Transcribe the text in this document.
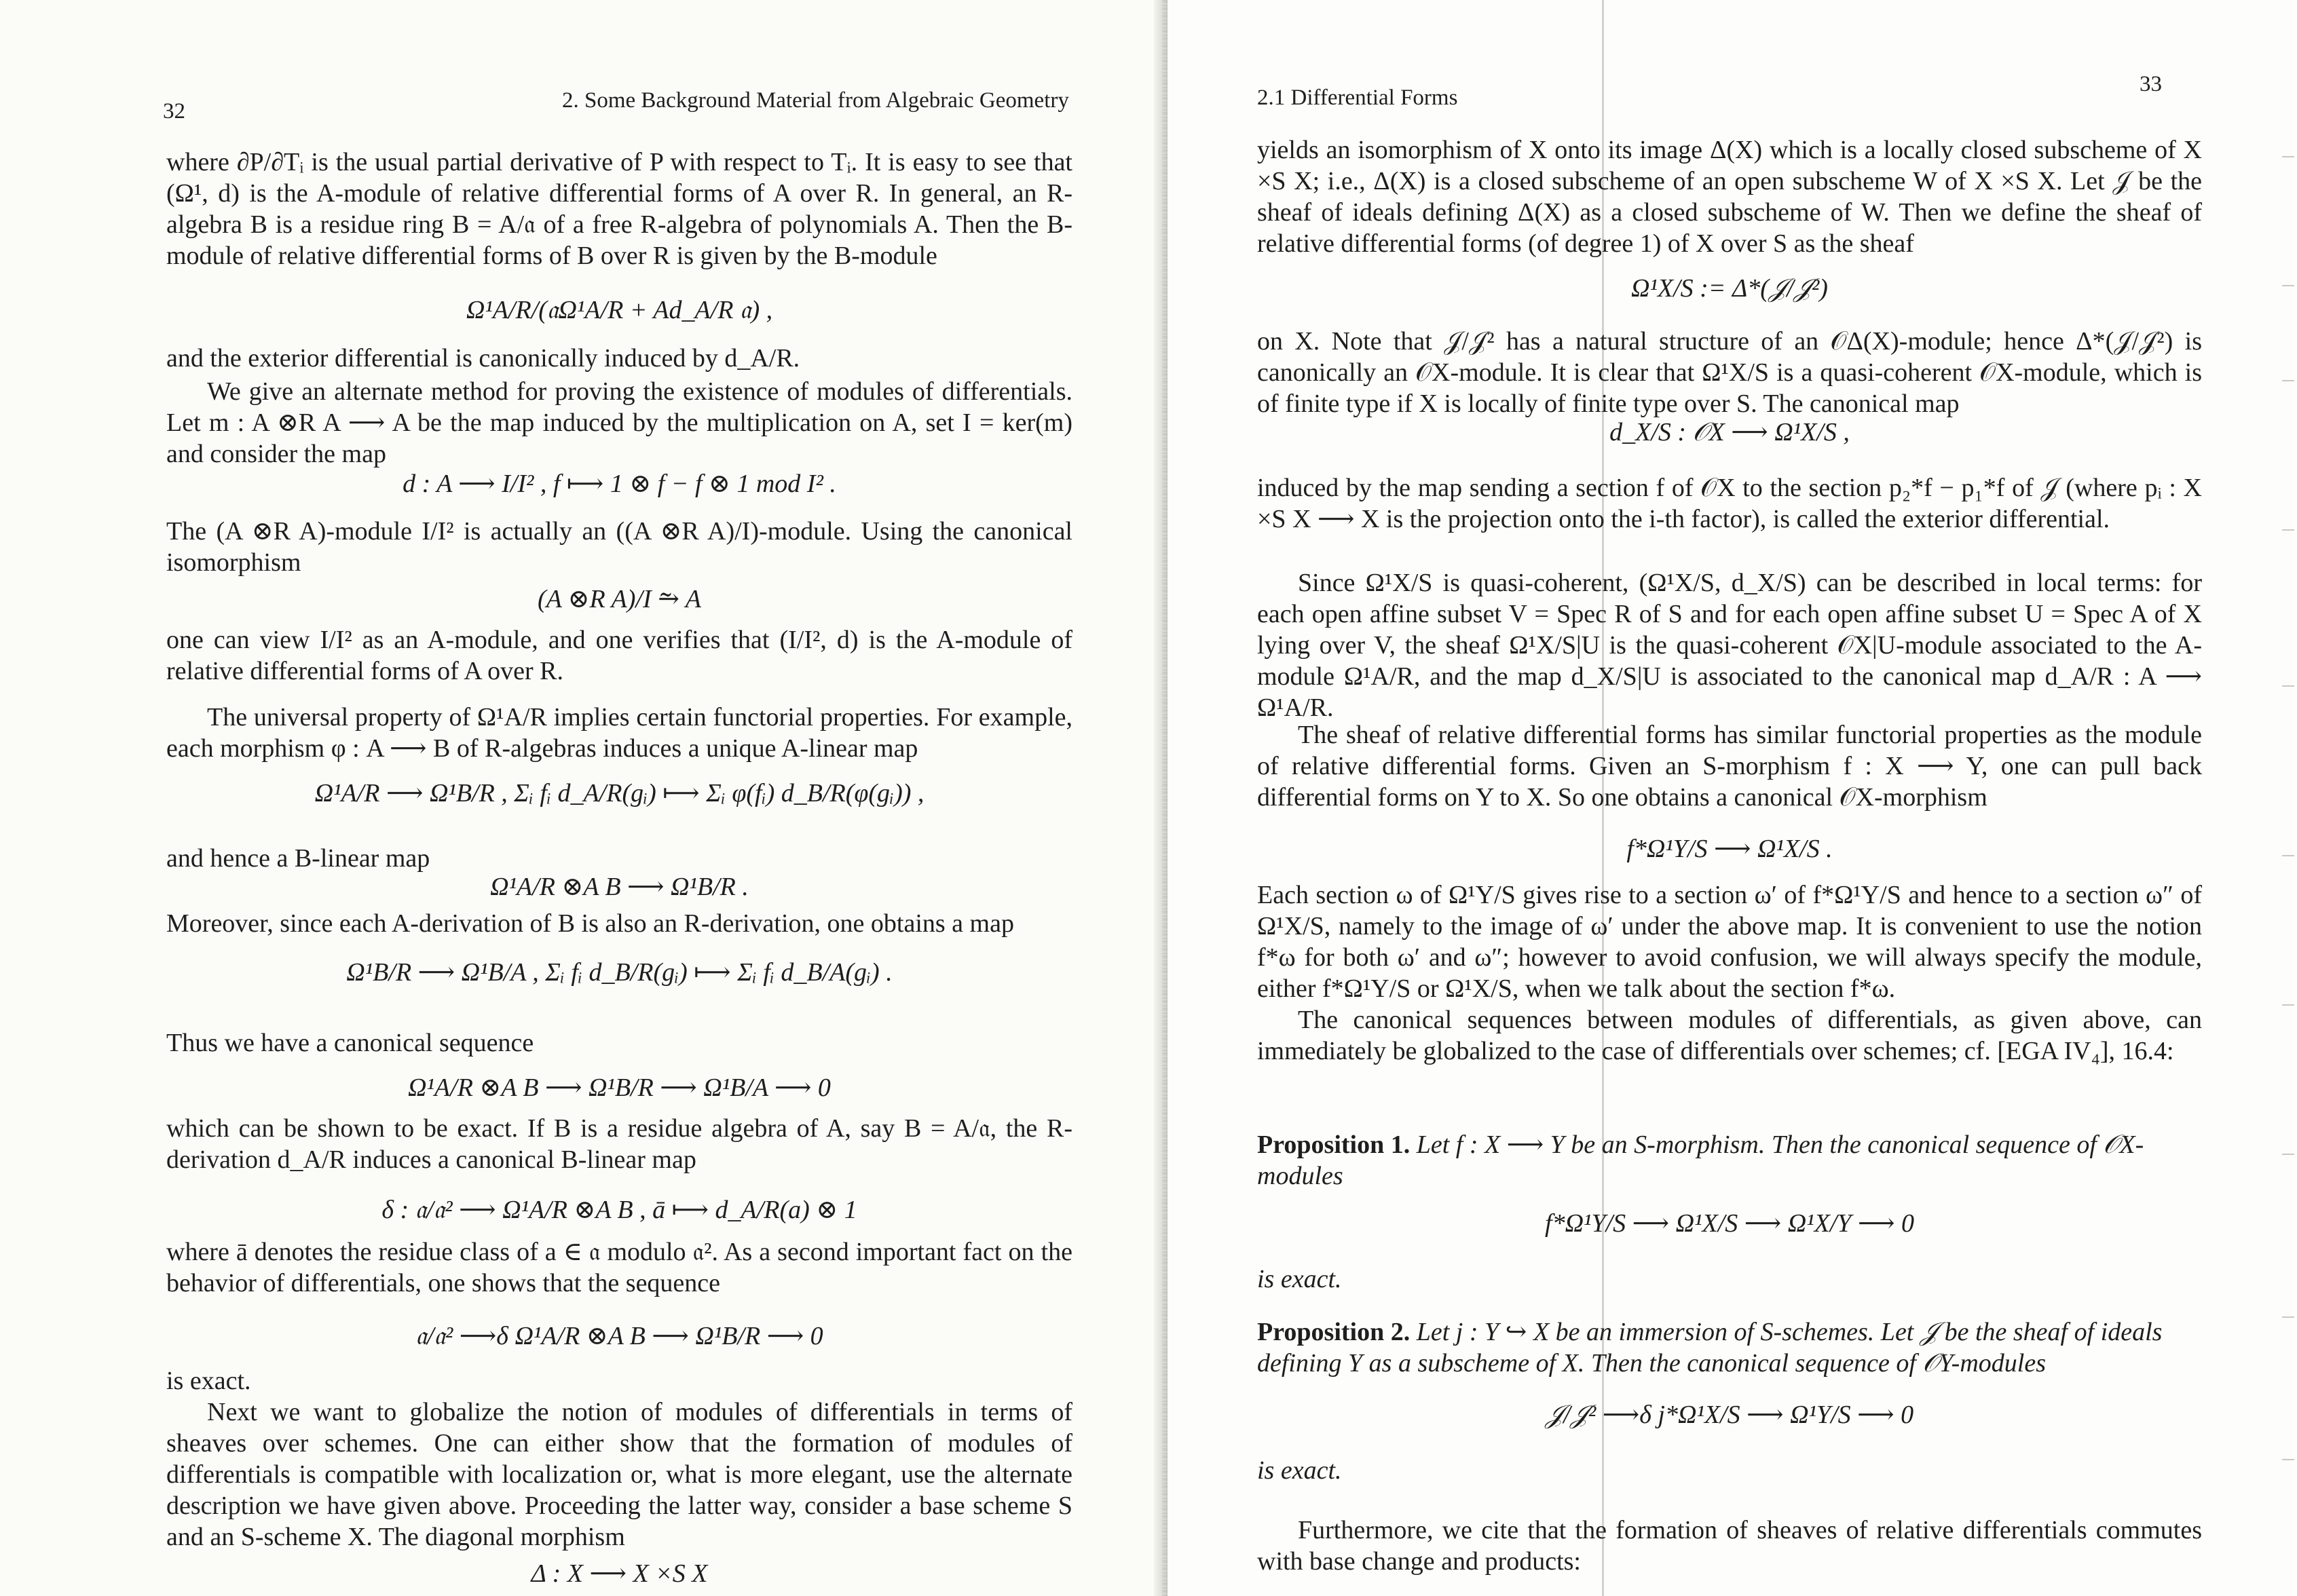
32	2. Some Background Material from Algebraic Geometry
where ∂P/∂Tᵢ is the usual partial derivative of P with respect to Tᵢ. It is easy to see that (Ω¹, d) is the A-module of relative differential forms of A over R. In general, an R-algebra B is a residue ring B = A/𝔞 of a free R-algebra of polynomials A. Then the B-module of relative differential forms of B over R is given by the B-module
Ω¹A/R/(𝔞Ω¹A/R + Ad_A/R 𝔞) ,
and the exterior differential is canonically induced by d_A/R.
We give an alternate method for proving the existence of modules of differentials. Let m : A ⊗R A ⟶ A be the map induced by the multiplication on A, set I = ker(m) and consider the map
d : A ⟶ I/I² , f ⟼ 1 ⊗ f − f ⊗ 1 mod I² .
The (A ⊗R A)-module I/I² is actually an ((A ⊗R A)/I)-module. Using the canonical isomorphism
(A ⊗R A)/I ⥲ A
one can view I/I² as an A-module, and one verifies that (I/I², d) is the A-module of relative differential forms of A over R.
The universal property of Ω¹A/R implies certain functorial properties. For example, each morphism φ : A ⟶ B of R-algebras induces a unique A-linear map
Ω¹A/R ⟶ Ω¹B/R , Σᵢ fᵢ d_A/R(gᵢ) ⟼ Σᵢ φ(fᵢ) d_B/R(φ(gᵢ)) ,
and hence a B-linear map
Ω¹A/R ⊗A B ⟶ Ω¹B/R .
Moreover, since each A-derivation of B is also an R-derivation, one obtains a map
Ω¹B/R ⟶ Ω¹B/A , Σᵢ fᵢ d_B/R(gᵢ) ⟼ Σᵢ fᵢ d_B/A(gᵢ) .
Thus we have a canonical sequence
Ω¹A/R ⊗A B ⟶ Ω¹B/R ⟶ Ω¹B/A ⟶ 0
which can be shown to be exact. If B is a residue algebra of A, say B = A/𝔞, the R-derivation d_A/R induces a canonical B-linear map
δ : 𝔞/𝔞² ⟶ Ω¹A/R ⊗A B , ā ⟼ d_A/R(a) ⊗ 1
where ā denotes the residue class of a ∈ 𝔞 modulo 𝔞². As a second important fact on the behavior of differentials, one shows that the sequence
𝔞/𝔞² ⟶δ Ω¹A/R ⊗A B ⟶ Ω¹B/R ⟶ 0
is exact.
Next we want to globalize the notion of modules of differentials in terms of sheaves over schemes. One can either show that the formation of modules of differentials is compatible with localization or, what is more elegant, use the alternate description we have given above. Proceeding the latter way, consider a base scheme S and an S-scheme X. The diagonal morphism
Δ : X ⟶ X ×S X
2.1 Differential Forms
33
yields an isomorphism of X onto its image Δ(X) which is a locally closed subscheme of X ×S X; i.e., Δ(X) is a closed subscheme of an open subscheme W of X ×S X. Let 𝒥 be the sheaf of ideals defining Δ(X) as a closed subscheme of W. Then we define the sheaf of relative differential forms (of degree 1) of X over S as the sheaf
Ω¹X/S := Δ*(𝒥/𝒥²)
on X. Note that 𝒥/𝒥² has a natural structure of an 𝒪Δ(X)-module; hence Δ*(𝒥/𝒥²) is canonically an 𝒪X-module. It is clear that Ω¹X/S is a quasi-coherent 𝒪X-module, which is of finite type if X is locally of finite type over S. The canonical map
d_X/S : 𝒪X ⟶ Ω¹X/S ,
induced by the map sending a section f of 𝒪X to the section p₂*f − p₁*f of 𝒥 (where pᵢ : X ×S X ⟶ X is the projection onto the i-th factor), is called the exterior differential.
Since Ω¹X/S is quasi-coherent, (Ω¹X/S, d_X/S) can be described in local terms: for each open affine subset V = Spec R of S and for each open affine subset U = Spec A of X lying over V, the sheaf Ω¹X/S|U is the quasi-coherent 𝒪X|U-module associated to the A-module Ω¹A/R, and the map d_X/S|U is associated to the canonical map d_A/R : A ⟶ Ω¹A/R.
The sheaf of relative differential forms has similar functorial properties as the module of relative differential forms. Given an S-morphism f : X ⟶ Y, one can pull back differential forms on Y to X. So one obtains a canonical 𝒪X-morphism
f*Ω¹Y/S ⟶ Ω¹X/S .
Each section ω of Ω¹Y/S gives rise to a section ω′ of f*Ω¹Y/S and hence to a section ω″ of Ω¹X/S, namely to the image of ω′ under the above map. It is convenient to use the notion f*ω for both ω′ and ω″; however to avoid confusion, we will always specify the module, either f*Ω¹Y/S or Ω¹X/S, when we talk about the section f*ω.
The canonical sequences between modules of differentials, as given above, can immediately be globalized to the case of differentials over schemes; cf. [EGA IV₄], 16.4:
Proposition 1. Let f : X ⟶ Y be an S-morphism. Then the canonical sequence of 𝒪X-modules
f*Ω¹Y/S ⟶ Ω¹X/S ⟶ Ω¹X/Y ⟶ 0
is exact.
Proposition 2. Let j : Y ↪ X be an immersion of S-schemes. Let 𝒥 be the sheaf of ideals defining Y as a subscheme of X. Then the canonical sequence of 𝒪Y-modules
𝒥/𝒥² ⟶δ j*Ω¹X/S ⟶ Ω¹Y/S ⟶ 0
is exact.
Furthermore, we cite that the formation of sheaves of relative differentials commutes with base change and products:
